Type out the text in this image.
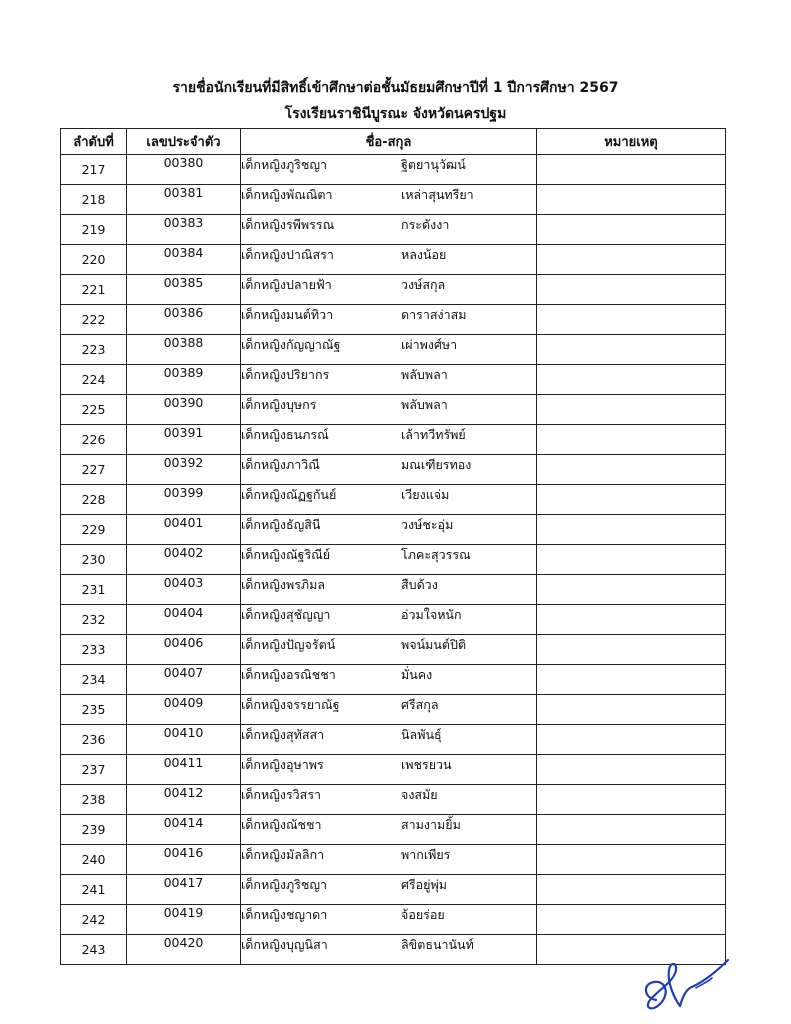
รายชื่อนักเรียนที่มีสิทธิ์เข้าศึกษาต่อชั้นมัธยมศึกษาปีที่ 1 ปีการศึกษา 2567
โรงเรียนราชินีบูรณะ จังหวัดนครปฐม
ลำดับที่	เลขประจำตัว	ชื่อ-สกุล	หมายเหตุ
217	00380	เด็กหญิงภูริชญา ฐิตยานุวัฒน์	
218	00381	เด็กหญิงพัณณิตา เหล่าสุนทรียา	
219	00383	เด็กหญิงรพีพรรณ กระดังงา	
220	00384	เด็กหญิงปาณิสรา หลงน้อย	
221	00385	เด็กหญิงปลายฟ้า วงษ์สกุล	
222	00386	เด็กหญิงมนต์ทิวา ดาราสง่าสม	
223	00388	เด็กหญิงกัญญาณัฐ เผ่าพงศ์ษา	
224	00389	เด็กหญิงปริยากร พลับพลา	
225	00390	เด็กหญิงบุษกร พลับพลา	
226	00391	เด็กหญิงธนภรณ์ เล้าทวีทรัพย์	
227	00392	เด็กหญิงภาวิณี มณเฑียรทอง	
228	00399	เด็กหญิงณัฏฐกันย์ เวียงแจ่ม	
229	00401	เด็กหญิงธัญสินี วงษ์ชะอุ่ม	
230	00402	เด็กหญิงณัฐริณีย์ โภคะสุวรรณ	
231	00403	เด็กหญิงพรภิมล สืบด้วง	
232	00404	เด็กหญิงสุชัญญา อ่วมใจหนัก	
233	00406	เด็กหญิงปัญจรัตน์ พจน์มนต์ปิติ	
234	00407	เด็กหญิงอรณิชชา มั่นคง	
235	00409	เด็กหญิงจรรยาณัฐ ศรีสกุล	
236	00410	เด็กหญิงสุทัสสา นิลพันธุ์	
237	00411	เด็กหญิงอุษาพร เพชรยวน	
238	00412	เด็กหญิงรวิสรา จงสมัย	
239	00414	เด็กหญิงณัชชา สามงามยิ้ม	
240	00416	เด็กหญิงมัลลิกา พากเพียร	
241	00417	เด็กหญิงภูริชญา ศรีอยู่พุ่ม	
242	00419	เด็กหญิงชญาดา จ้อยร่อย	
243	00420	เด็กหญิงบุญนิสา ลิขิตธนานันท์	
